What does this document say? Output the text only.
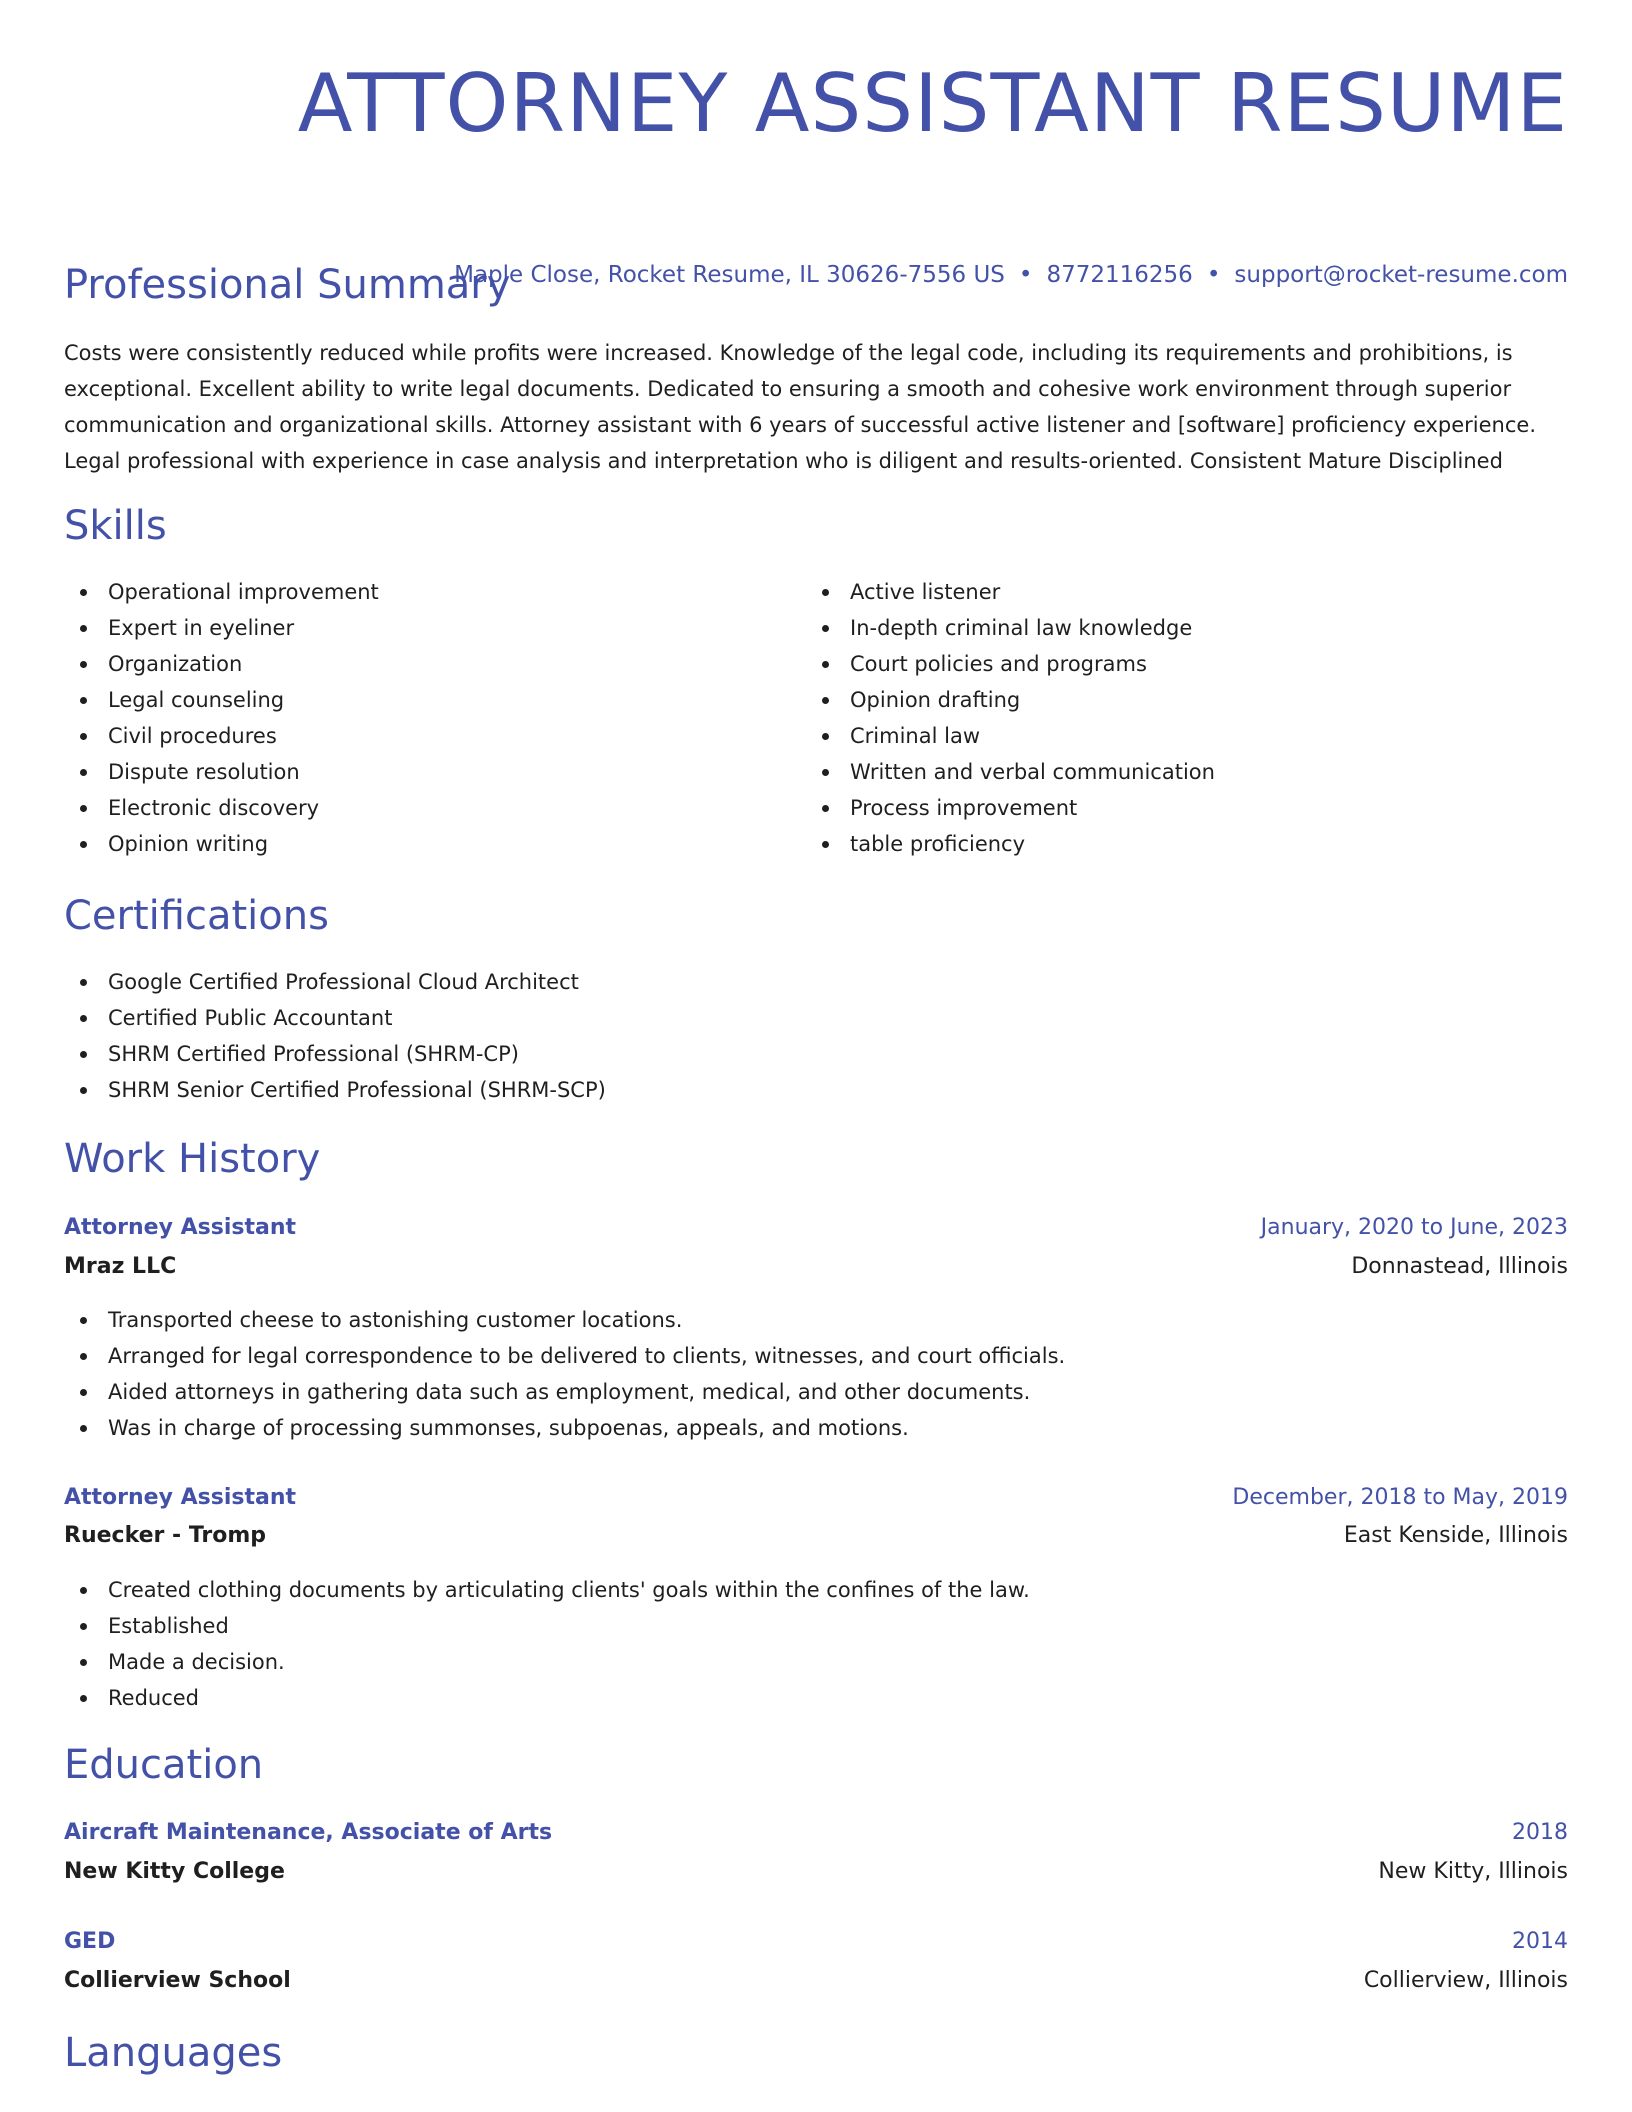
ATTORNEY ASSISTANT RESUME
Maple Close, Rocket Resume, IL 30626-7556 US • 8772116256 • support@rocket-resume.com
Professional Summary

Costs were consistently reduced while profits were increased. Knowledge of the legal code, including its requirements and prohibitions, is exceptional. Excellent ability to write legal documents. Dedicated to ensuring a smooth and cohesive work environment through superior communication and organizational skills. Attorney assistant with 6 years of successful active listener and [software] proficiency experience. Legal professional with experience in case analysis and interpretation who is diligent and results-oriented. Consistent Mature Disciplined

Skills
Operational improvement
Expert in eyeliner
Organization
Legal counseling
Civil procedures
Dispute resolution
Electronic discovery
Opinion writing
Active listener
In-depth criminal law knowledge
Court policies and programs
Opinion drafting
Criminal law
Written and verbal communication
Process improvement
table proficiency
Certifications
Google Certified Professional Cloud Architect
Certified Public Accountant
SHRM Certified Professional (SHRM-CP)
SHRM Senior Certified Professional (SHRM-SCP)
Work History
Attorney Assistant	January, 2020 to June, 2023
Mraz LLC	Donnastead, Illinois
Transported cheese to astonishing customer locations.
Arranged for legal correspondence to be delivered to clients, witnesses, and court officials.
Aided attorneys in gathering data such as employment, medical, and other documents.
Was in charge of processing summonses, subpoenas, appeals, and motions.
Attorney Assistant	December, 2018 to May, 2019
Ruecker - Tromp	East Kenside, Illinois
Created clothing documents by articulating clients' goals within the confines of the law.
Established
Made a decision.
Reduced
Education
Aircraft Maintenance, Associate of Arts	2018
New Kitty College	New Kitty, Illinois
GED	2014
Collierview School	Collierview, Illinois
Languages
